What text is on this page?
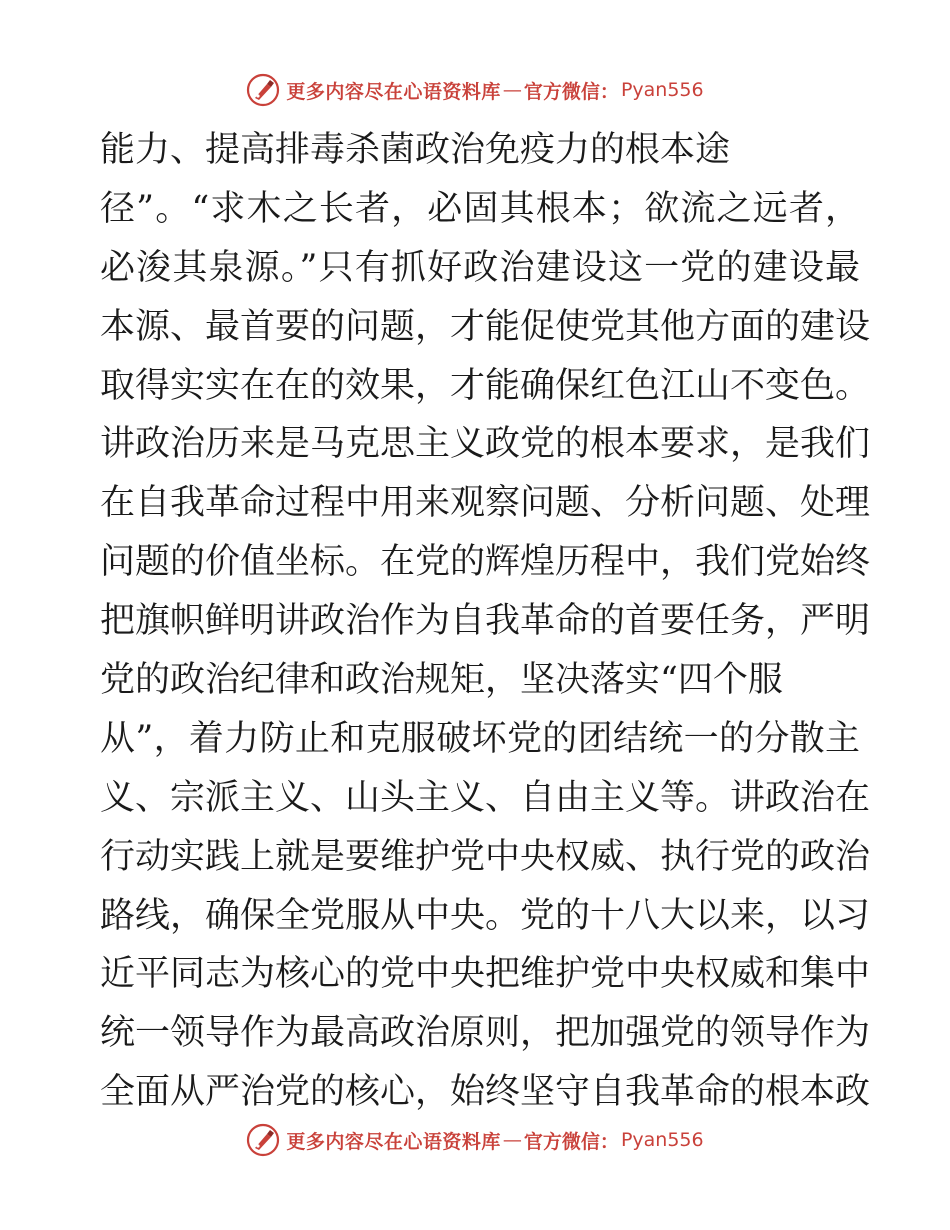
更多内容尽在心语资料库 — 官方微信： Pyan556
能力、提高排毒杀菌政治免疫力的根本途
径”。“求木之长者，必固其根本；欲流之远者，
必浚其泉源。”只有抓好政治建设这一党的建设最
本源、最首要的问题，才能促使党其他方面的建设
取得实实在在的效果，才能确保红色江山不变色。
讲政治历来是马克思主义政党的根本要求，是我们
在自我革命过程中用来观察问题、分析问题、处理
问题的价值坐标。在党的辉煌历程中，我们党始终
把旗帜鲜明讲政治作为自我革命的首要任务，严明
党的政治纪律和政治规矩，坚决落实“四个服
从”，着力防止和克服破坏党的团结统一的分散主
义、宗派主义、山头主义、自由主义等。讲政治在
行动实践上就是要维护党中央权威、执行党的政治
路线，确保全党服从中央。党的十八大以来，以习
近平同志为核心的党中央把维护党中央权威和集中
统一领导作为最高政治原则，把加强党的领导作为
全面从严治党的核心，始终坚守自我革命的根本政
更多内容尽在心语资料库 — 官方微信： Pyan556
